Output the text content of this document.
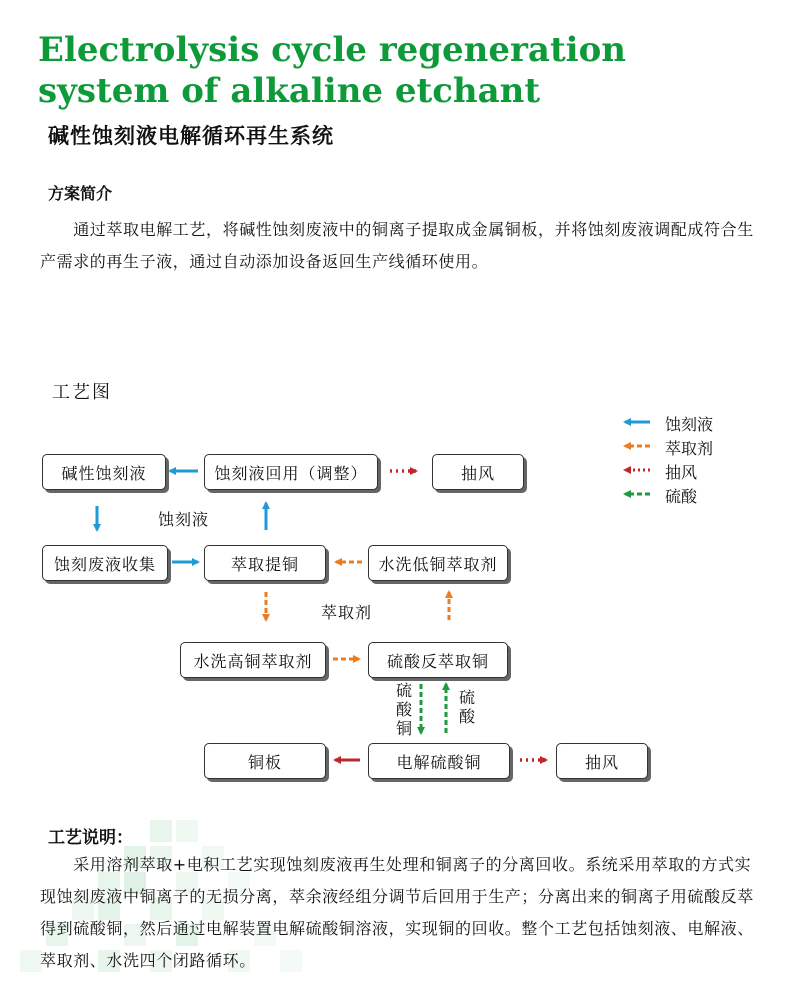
Electrolysis cycle regeneration
system of alkaline etchant
碱性蚀刻液电解循环再生系统
方案简介
　　通过萃取电解工艺，将碱性蚀刻废液中的铜离子提取成金属铜板，并将蚀刻废液调配成符合生产需求的再生子液，通过自动添加设备返回生产线循环使用。
工艺图
蚀刻液
萃取剂
抽风
硫酸
碱性蚀刻液	蚀刻液回用（调整）	抽风
蚀刻废液收集	萃取提铜	水洗低铜萃取剂
水洗高铜萃取剂	硫酸反萃取铜
铜板	电解硫酸铜	抽风
蚀刻液
萃取剂
硫酸铜
硫酸
工艺说明：
　　采用溶剂萃取+电积工艺实现蚀刻废液再生处理和铜离子的分离回收。系统采用萃取的方式实现蚀刻废液中铜离子的无损分离，萃余液经组分调节后回用于生产；分离出来的铜离子用硫酸反萃得到硫酸铜，然后通过电解装置电解硫酸铜溶液，实现铜的回收。整个工艺包括蚀刻液、电解液、萃取剂、水洗四个闭路循环。
